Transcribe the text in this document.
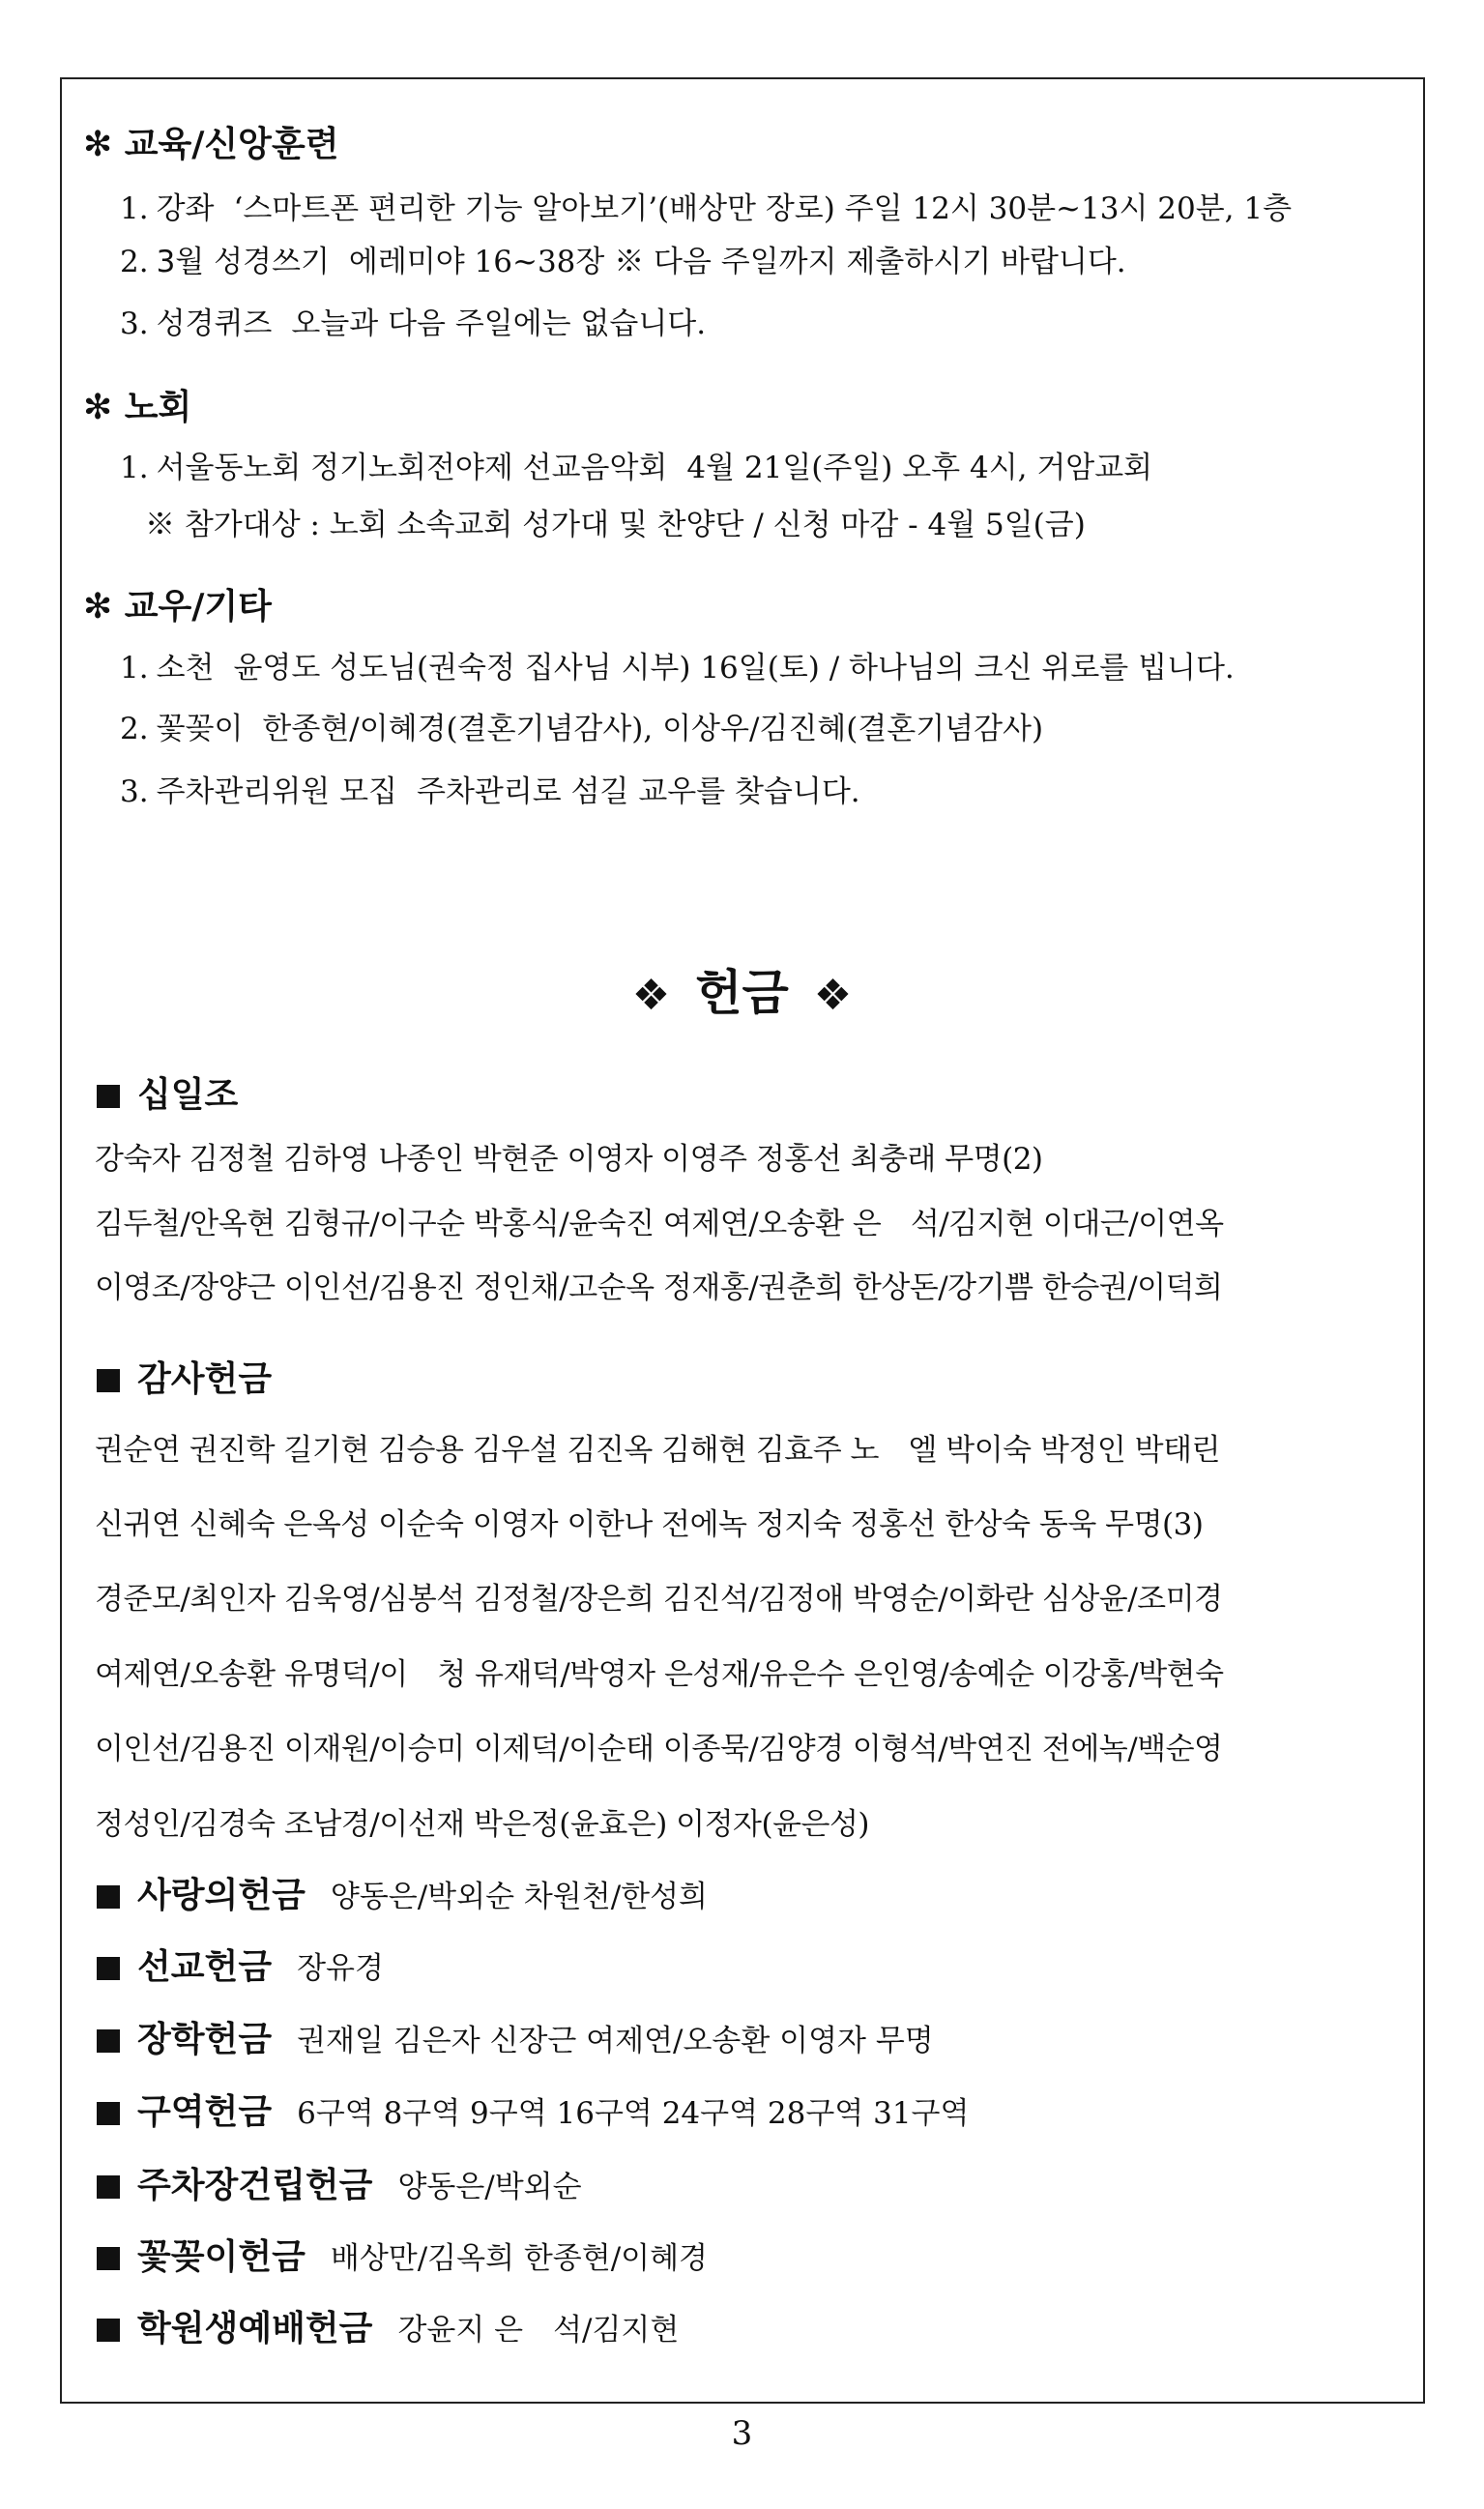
✻ 교육/신앙훈련
1. 강좌 ‘스마트폰 편리한 기능 알아보기’(배상만 장로) 주일 12시 30분~13시 20분, 1층
2. 3월 성경쓰기 에레미야 16~38장 ※ 다음 주일까지 제출하시기 바랍니다.
3. 성경퀴즈 오늘과 다음 주일에는 없습니다.
✻ 노회
1. 서울동노회 정기노회전야제 선교음악회 4월 21일(주일) 오후 4시, 거암교회
※ 참가대상 : 노회 소속교회 성가대 및 찬양단 / 신청 마감 - 4월 5일(금)
✻ 교우/기타
1. 소천 윤영도 성도님(권숙정 집사님 시부) 16일(토) / 하나님의 크신 위로를 빕니다.
2. 꽃꽂이 한종현/이혜경(결혼기념감사), 이상우/김진혜(결혼기념감사)
3. 주차관리위원 모집 주차관리로 섬길 교우를 찾습니다.
❖ 헌금 ❖
십일조
강숙자 김정철 김하영 나종인 박현준 이영자 이영주 정홍선 최충래 무명(2)
김두철/안옥현 김형규/이구순 박홍식/윤숙진 여제연/오송환 은　석/김지현 이대근/이연옥
이영조/장양근 이인선/김용진 정인채/고순옥 정재홍/권춘희 한상돈/강기쁨 한승권/이덕희
감사헌금
권순연 권진학 길기현 김승용 김우설 김진옥 김해현 김효주 노　엘 박이숙 박정인 박태린
신귀연 신혜숙 은옥성 이순숙 이영자 이한나 전에녹 정지숙 정홍선 한상숙 동욱 무명(3)
경준모/최인자 김욱영/심봉석 김정철/장은희 김진석/김정애 박영순/이화란 심상윤/조미경
여제연/오송환 유명덕/이　청 유재덕/박영자 은성재/유은수 은인영/송예순 이강홍/박현숙
이인선/김용진 이재원/이승미 이제덕/이순태 이종묵/김양경 이형석/박연진 전에녹/백순영
정성인/김경숙 조남경/이선재 박은정(윤효은) 이정자(윤은성)
사랑의헌금 양동은/박외순 차원천/한성희
선교헌금 장유경
장학헌금 권재일 김은자 신장근 여제연/오송환 이영자 무명
구역헌금 6구역 8구역 9구역 16구역 24구역 28구역 31구역
주차장건립헌금 양동은/박외순
꽃꽂이헌금 배상만/김옥희 한종현/이혜경
학원생예배헌금 강윤지 은　석/김지현
3
